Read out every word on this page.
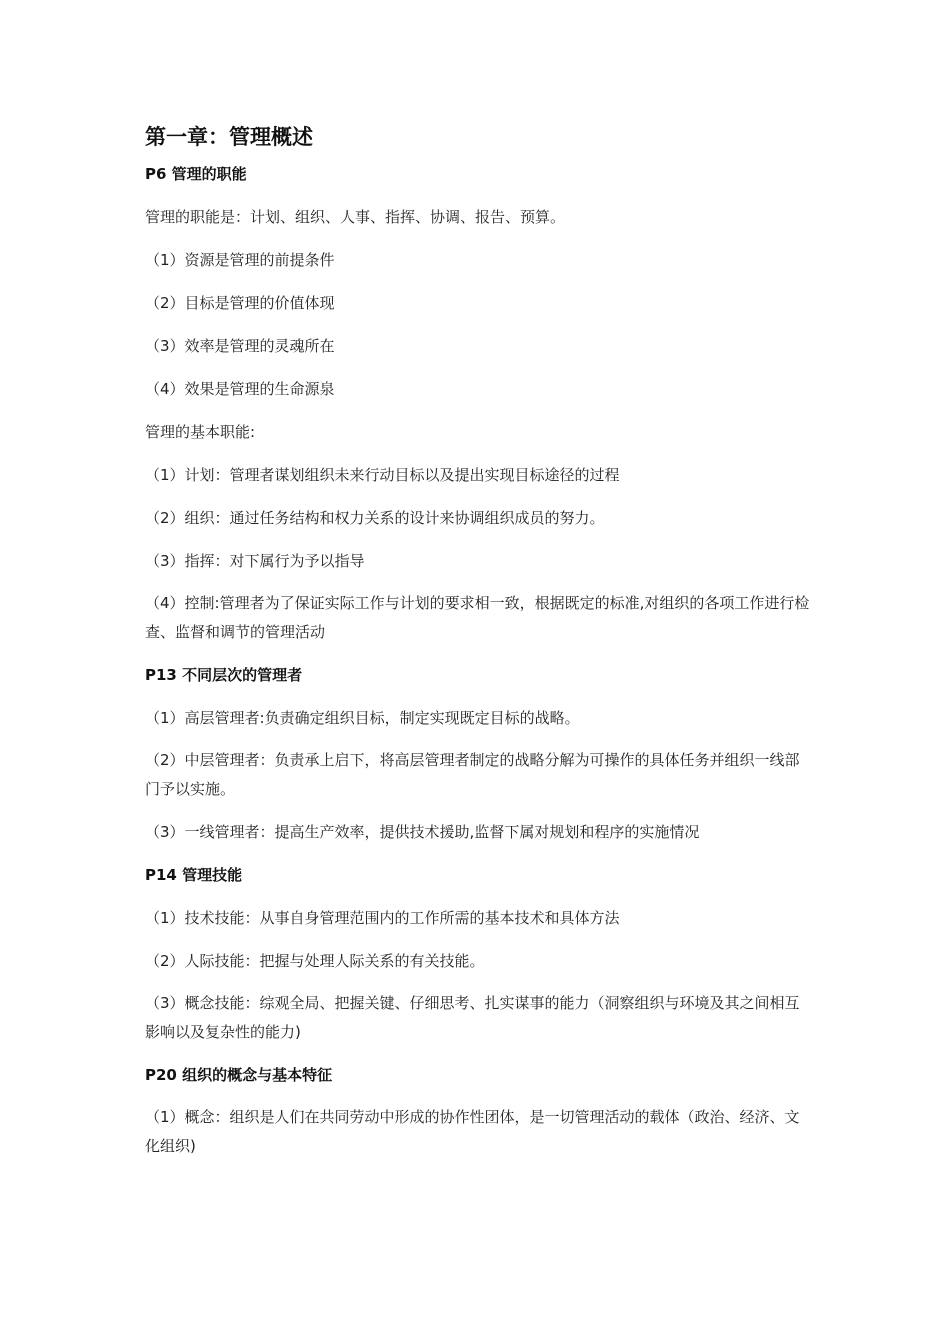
第一章：管理概述
P6 管理的职能
管理的职能是：计划、组织、人事、指挥、协调、报告、预算。
（1）资源是管理的前提条件
（2）目标是管理的价值体现
（3）效率是管理的灵魂所在
（4）效果是管理的生命源泉
管理的基本职能:
（1）计划：管理者谋划组织未来行动目标以及提出实现目标途径的过程
（2）组织：通过任务结构和权力关系的设计来协调组织成员的努力。
（3）指挥：对下属行为予以指导
（4）控制:管理者为了保证实际工作与计划的要求相一致，根据既定的标准,对组织的各项工作进行检查、监督和调节的管理活动
P13 不同层次的管理者
（1）高层管理者:负责确定组织目标，制定实现既定目标的战略。
（2）中层管理者：负责承上启下，将高层管理者制定的战略分解为可操作的具体任务并组织一线部门予以实施。
（3）一线管理者：提高生产效率，提供技术援助,监督下属对规划和程序的实施情况
P14 管理技能
（1）技术技能：从事自身管理范围内的工作所需的基本技术和具体方法
（2）人际技能：把握与处理人际关系的有关技能。
（3）概念技能：综观全局、把握关键、仔细思考、扎实谋事的能力（洞察组织与环境及其之间相互影响以及复杂性的能力)
P20 组织的概念与基本特征
（1）概念：组织是人们在共同劳动中形成的协作性团体，是一切管理活动的载体（政治、经济、文化组织)
